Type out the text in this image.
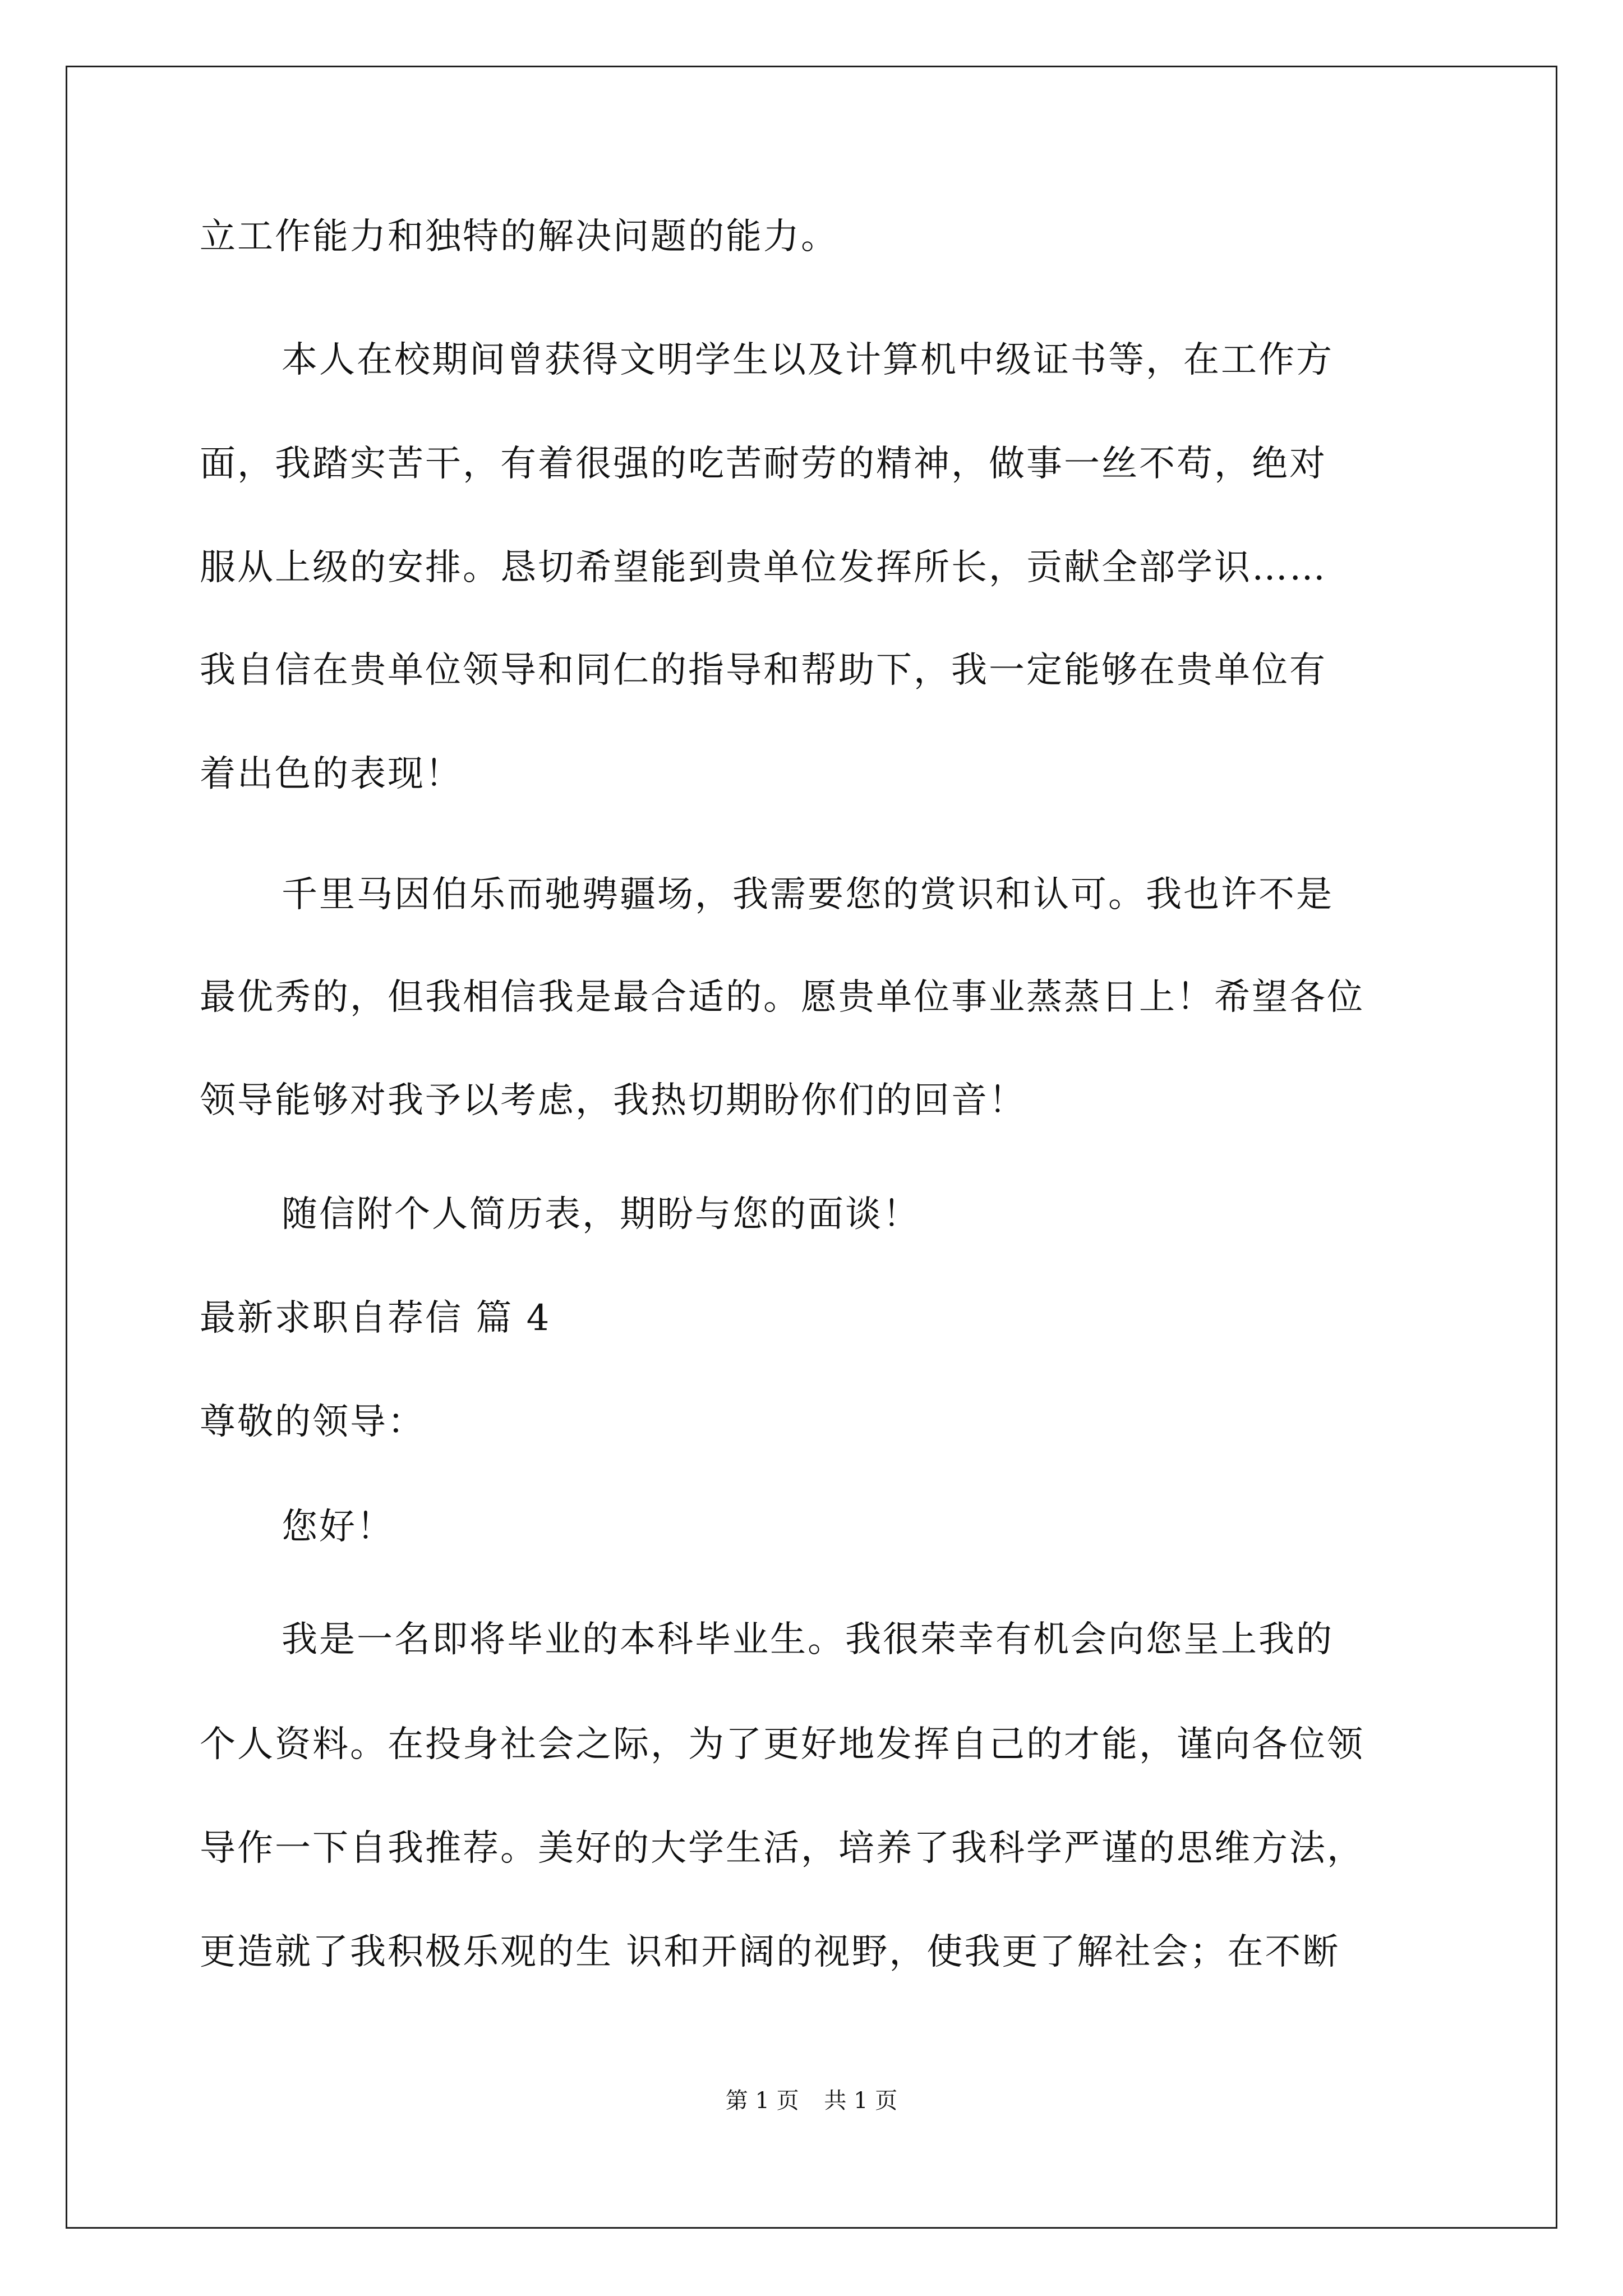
立工作能力和独特的解决问题的能力。
本人在校期间曾获得文明学生以及计算机中级证书等，在工作方
面，我踏实苦干，有着很强的吃苦耐劳的精神，做事一丝不苟，绝对
服从上级的安排。恳切希望能到贵单位发挥所长，贡献全部学识……
我自信在贵单位领导和同仁的指导和帮助下，我一定能够在贵单位有
着出色的表现！
千里马因伯乐而驰骋疆场，我需要您的赏识和认可。我也许不是
最优秀的，但我相信我是最合适的。愿贵单位事业蒸蒸日上！希望各位
领导能够对我予以考虑，我热切期盼你们的回音！
随信附个人简历表，期盼与您的面谈！
最新求职自荐信 篇 4
尊敬的领导：
您好！
我是一名即将毕业的本科毕业生。我很荣幸有机会向您呈上我的
个人资料。在投身社会之际，为了更好地发挥自己的才能，谨向各位领
导作一下自我推荐。美好的大学生活，培养了我科学严谨的思维方法，
更造就了我积极乐观的生 识和开阔的视野，使我更了解社会；在不断
第 1 页 共 1 页
